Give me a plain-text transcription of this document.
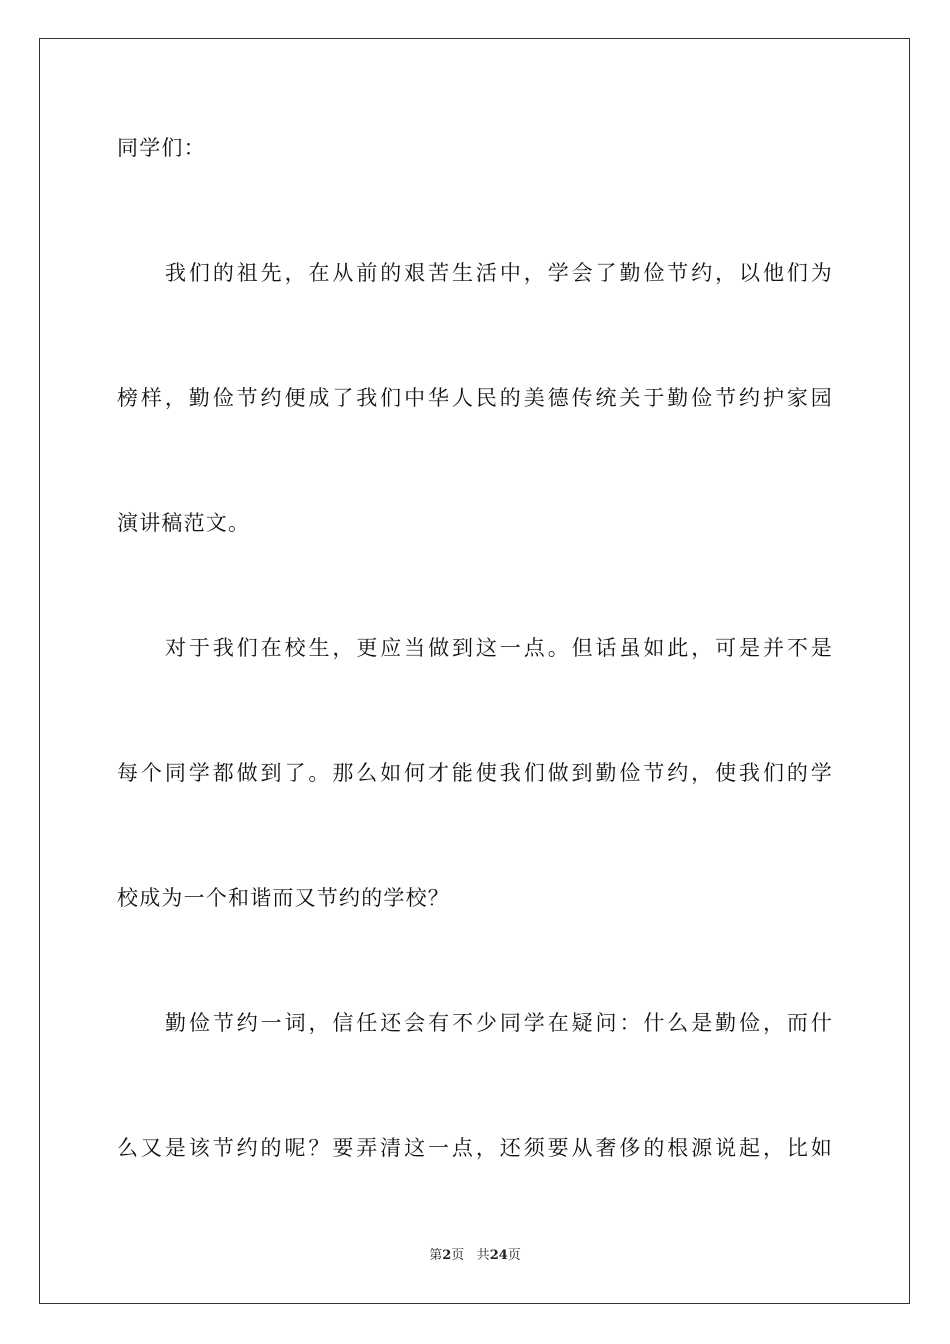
同学们：
我们的祖先，在从前的艰苦生活中，学会了勤俭节约，以他们为
榜样，勤俭节约便成了我们中华人民的美德传统关于勤俭节约护家园
演讲稿范文。
对于我们在校生，更应当做到这一点。但话虽如此，可是并不是
每个同学都做到了。那么如何才能使我们做到勤俭节约，使我们的学
校成为一个和谐而又节约的学校？
勤俭节约一词，信任还会有不少同学在疑问：什么是勤俭，而什
么又是该节约的呢？要弄清这一点，还须要从奢侈的根源说起，比如
第2页 共24页
